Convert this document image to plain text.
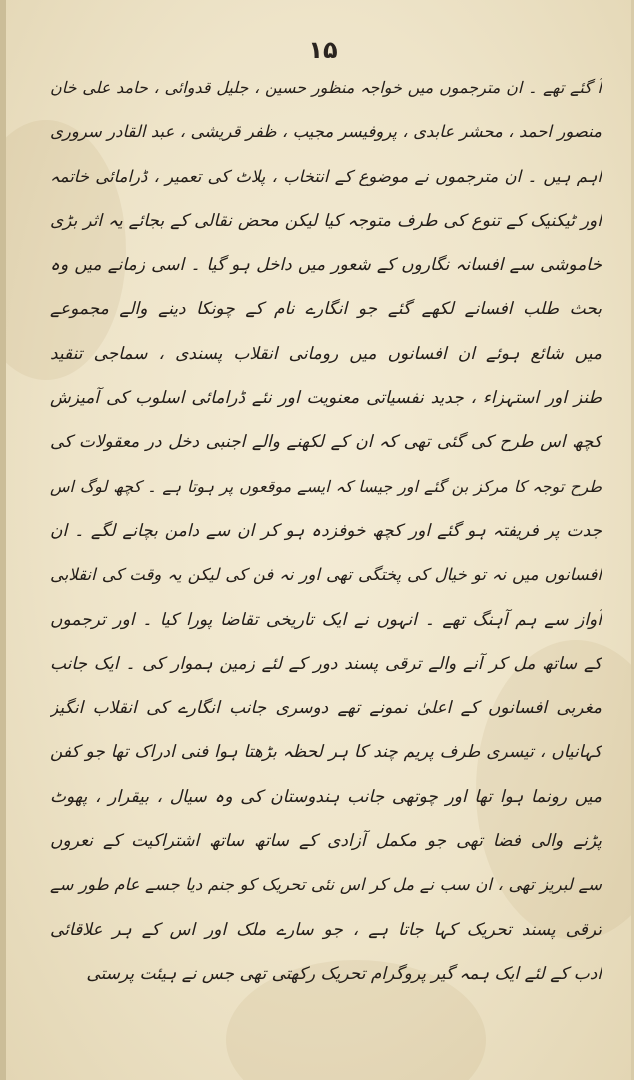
۱۵
آ گئے تھے ۔ ان مترجموں میں خواجہ منظور حسین ، جلیل قدوائی ، حامد علی خان
منصور احمد ، محشر عابدی ، پروفیسر مجیب ، ظفر قریشی ، عبد القادر سروری
اہم ہیں ۔ ان مترجموں نے موضوع کے انتخاب ، پلاٹ کی تعمیر ، ڈرامائی خاتمہ
اور ٹیکنیک کے تنوع کی طرف متوجہ کیا لیکن محض نقالی کے بجائے یہ اثر بڑی
خاموشی سے افسانہ نگاروں کے شعور میں داخل ہو گیا ۔ اسی زمانے میں وہ
بحث طلب افسانے لکھے گئے جو انگارے نام کے چونکا دینے والے مجموعے
میں شائع ہوئے ان افسانوں میں رومانی انقلاب پسندی ، سماجی تنقید
طنز اور استہزاء ، جدید نفسیاتی معنویت اور نئے ڈرامائی اسلوب کی آمیزش
کچھ اس طرح کی گئی تھی کہ ان کے لکھنے والے اجنبی دخل در معقولات کی
طرح توجہ کا مرکز بن گئے اور جیسا کہ ایسے موقعوں پر ہوتا ہے ۔ کچھ لوگ اس
جدت پر فریفتہ ہو گئے اور کچھ خوفزدہ ہو کر ان سے دامن بچانے لگے ۔ ان
افسانوں میں نہ تو خیال کی پختگی تھی اور نہ فن کی لیکن یہ وقت کی انقلابی
آواز سے ہم آہنگ تھے ۔ انہوں نے ایک تاریخی تقاضا پورا کیا ۔ اور ترجموں
کے ساتھ مل کر آنے والے ترقی پسند دور کے لئے زمین ہموار کی ۔ ایک جانب
مغربی افسانوں کے اعلیٰ نمونے تھے دوسری جانب انگارے کی انقلاب انگیز
کہانیاں ، تیسری طرف پریم چند کا ہر لحظہ بڑھتا ہوا فنی ادراک تھا جو کفن
میں رونما ہوا تھا اور چوتھی جانب ہندوستان کی وہ سیال ، بیقرار ، پھوٹ
پڑنے والی فضا تھی جو مکمل آزادی کے ساتھ ساتھ اشتراکیت کے نعروں
سے لبریز تھی ، ان سب نے مل کر اس نئی تحریک کو جنم دیا جسے عام طور سے
ترقی پسند تحریک کہا جاتا ہے ، جو سارے ملک اور اس کے ہر علاقائی
ادب کے لئے ایک ہمہ گیر پروگرام تحریک رکھتی تھی جس نے ہیئت پرستی
